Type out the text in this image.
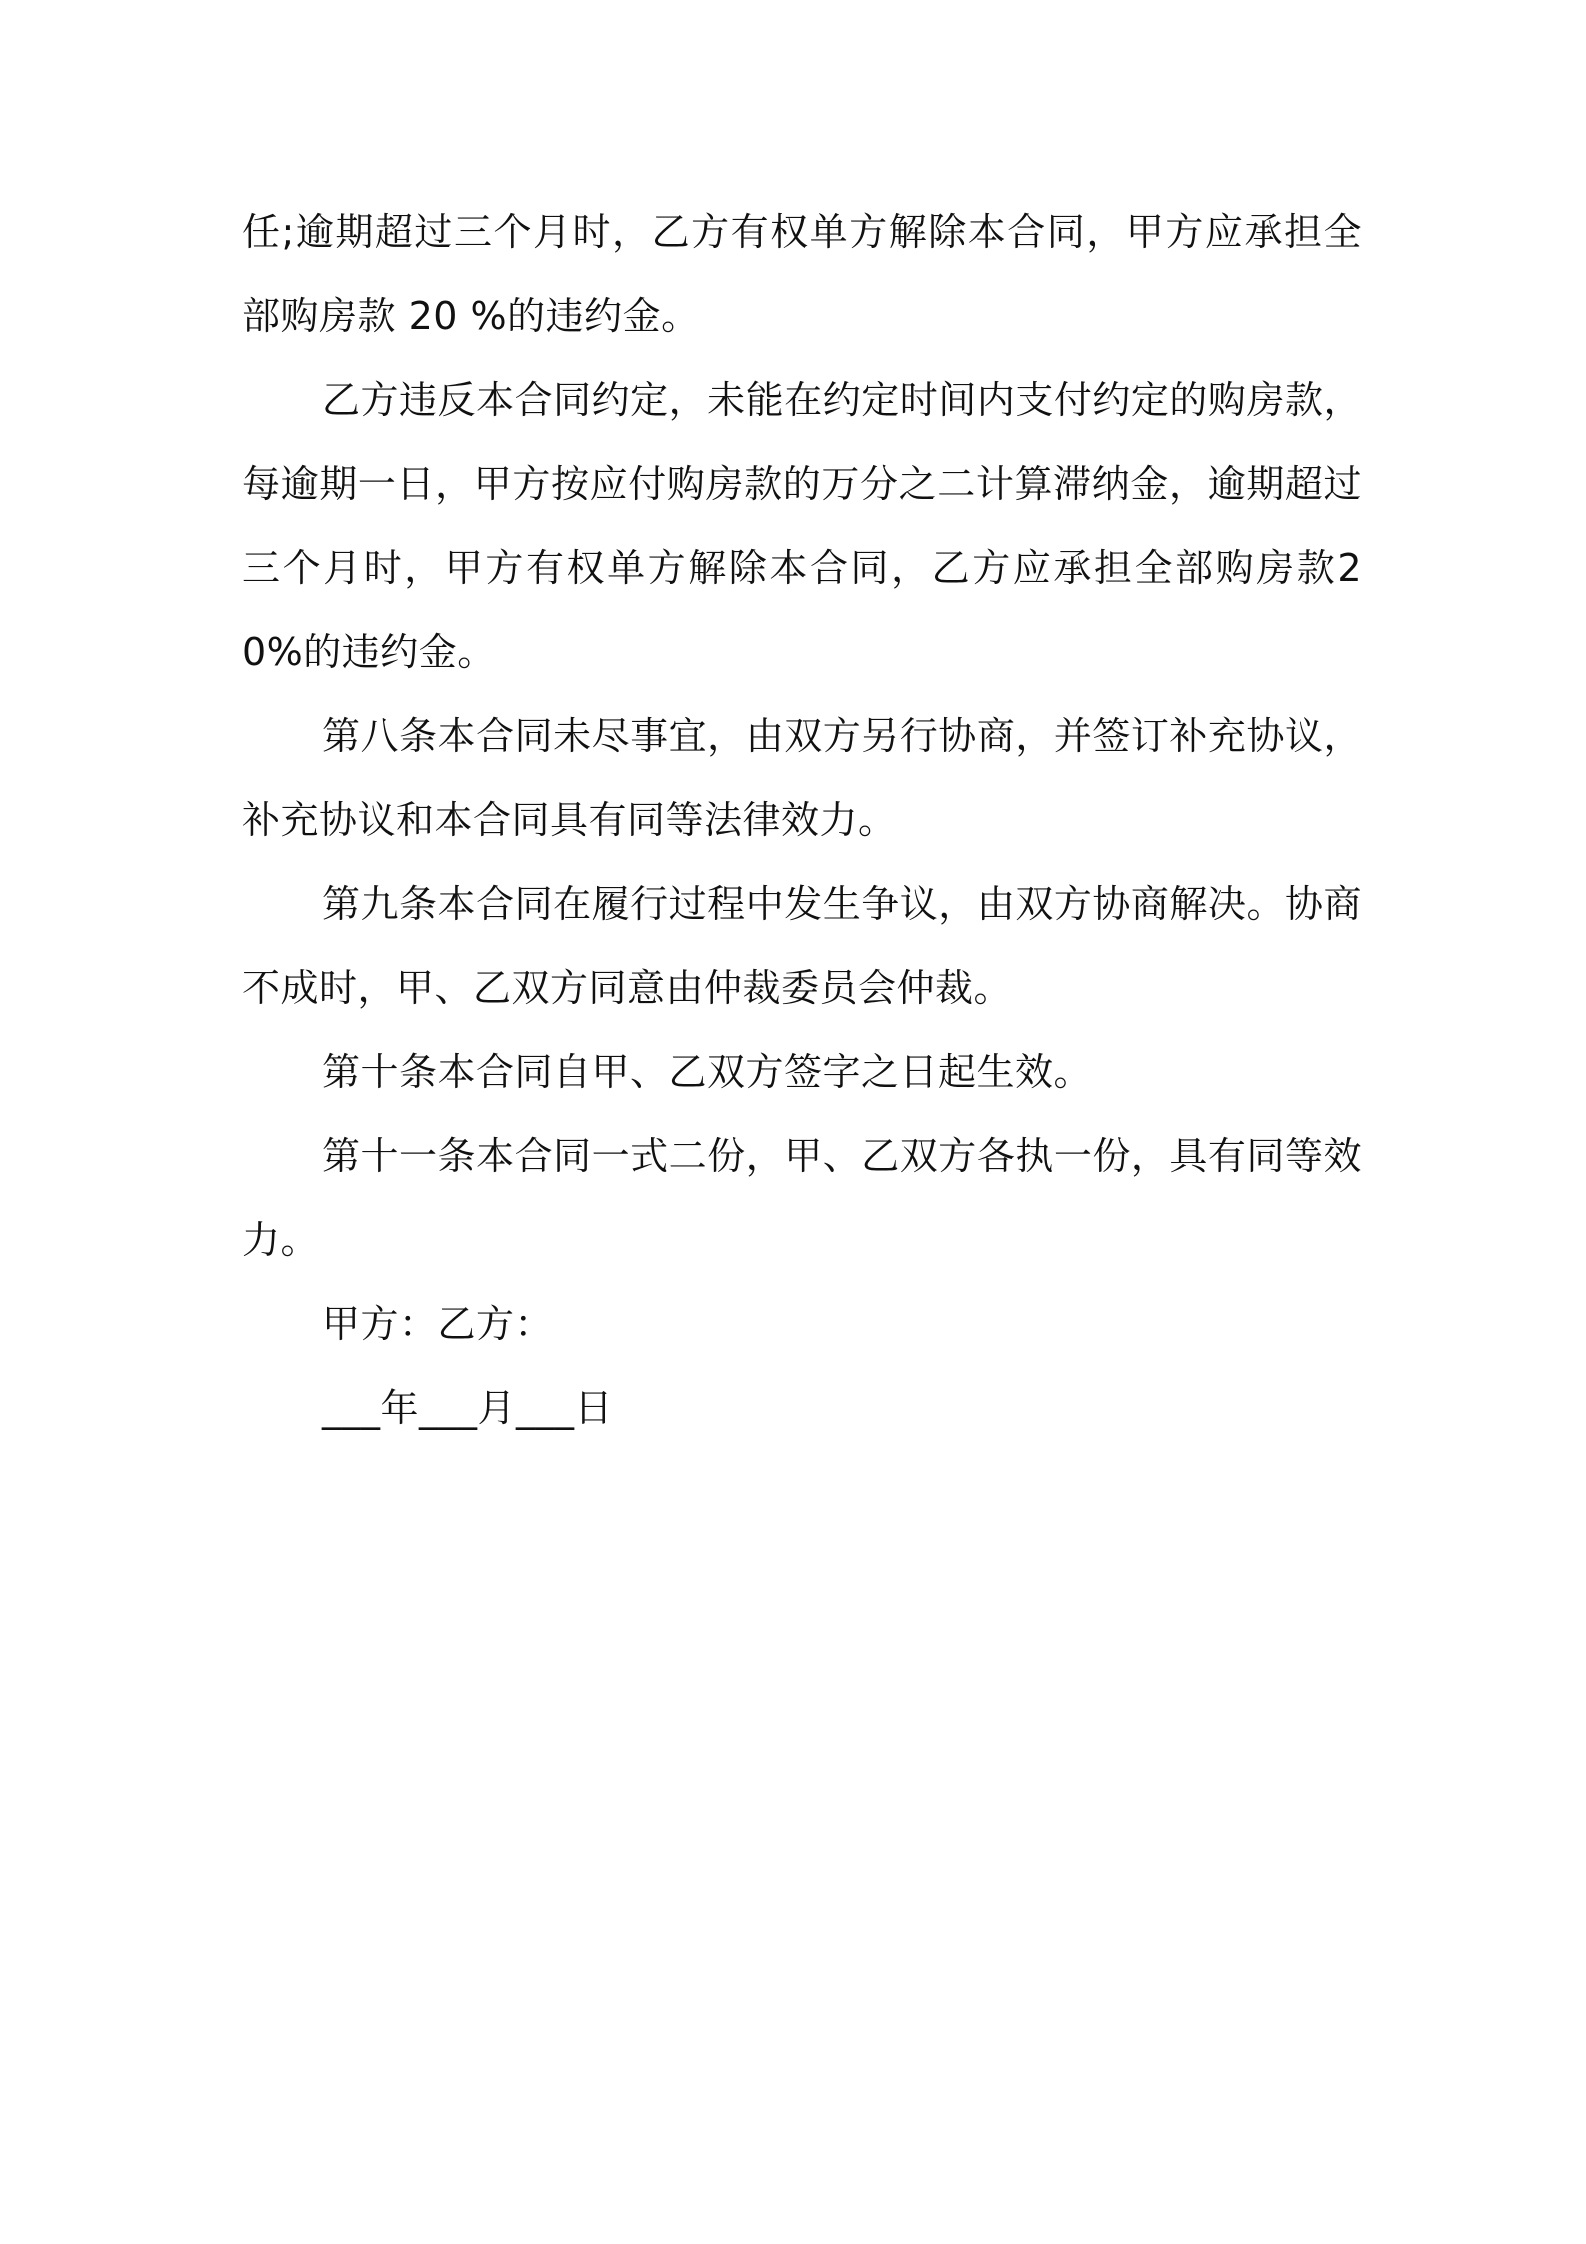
任;逾期超过三个月时，乙方有权单方解除本合同，甲方应承担全部购房款 20 %的违约金。

乙方违反本合同约定，未能在约定时间内支付约定的购房款，每逾期一日，甲方按应付购房款的万分之二计算滞纳金，逾期超过三个月时，甲方有权单方解除本合同，乙方应承担全部购房款20%的违约金。

第八条本合同未尽事宜，由双方另行协商，并签订补充协议，补充协议和本合同具有同等法律效力。

第九条本合同在履行过程中发生争议，由双方协商解决。协商不成时，甲、乙双方同意由仲裁委员会仲裁。

第十条本合同自甲、乙双方签字之日起生效。

第十一条本合同一式二份，甲、乙双方各执一份，具有同等效力。

甲方：乙方：

___年___月___日
